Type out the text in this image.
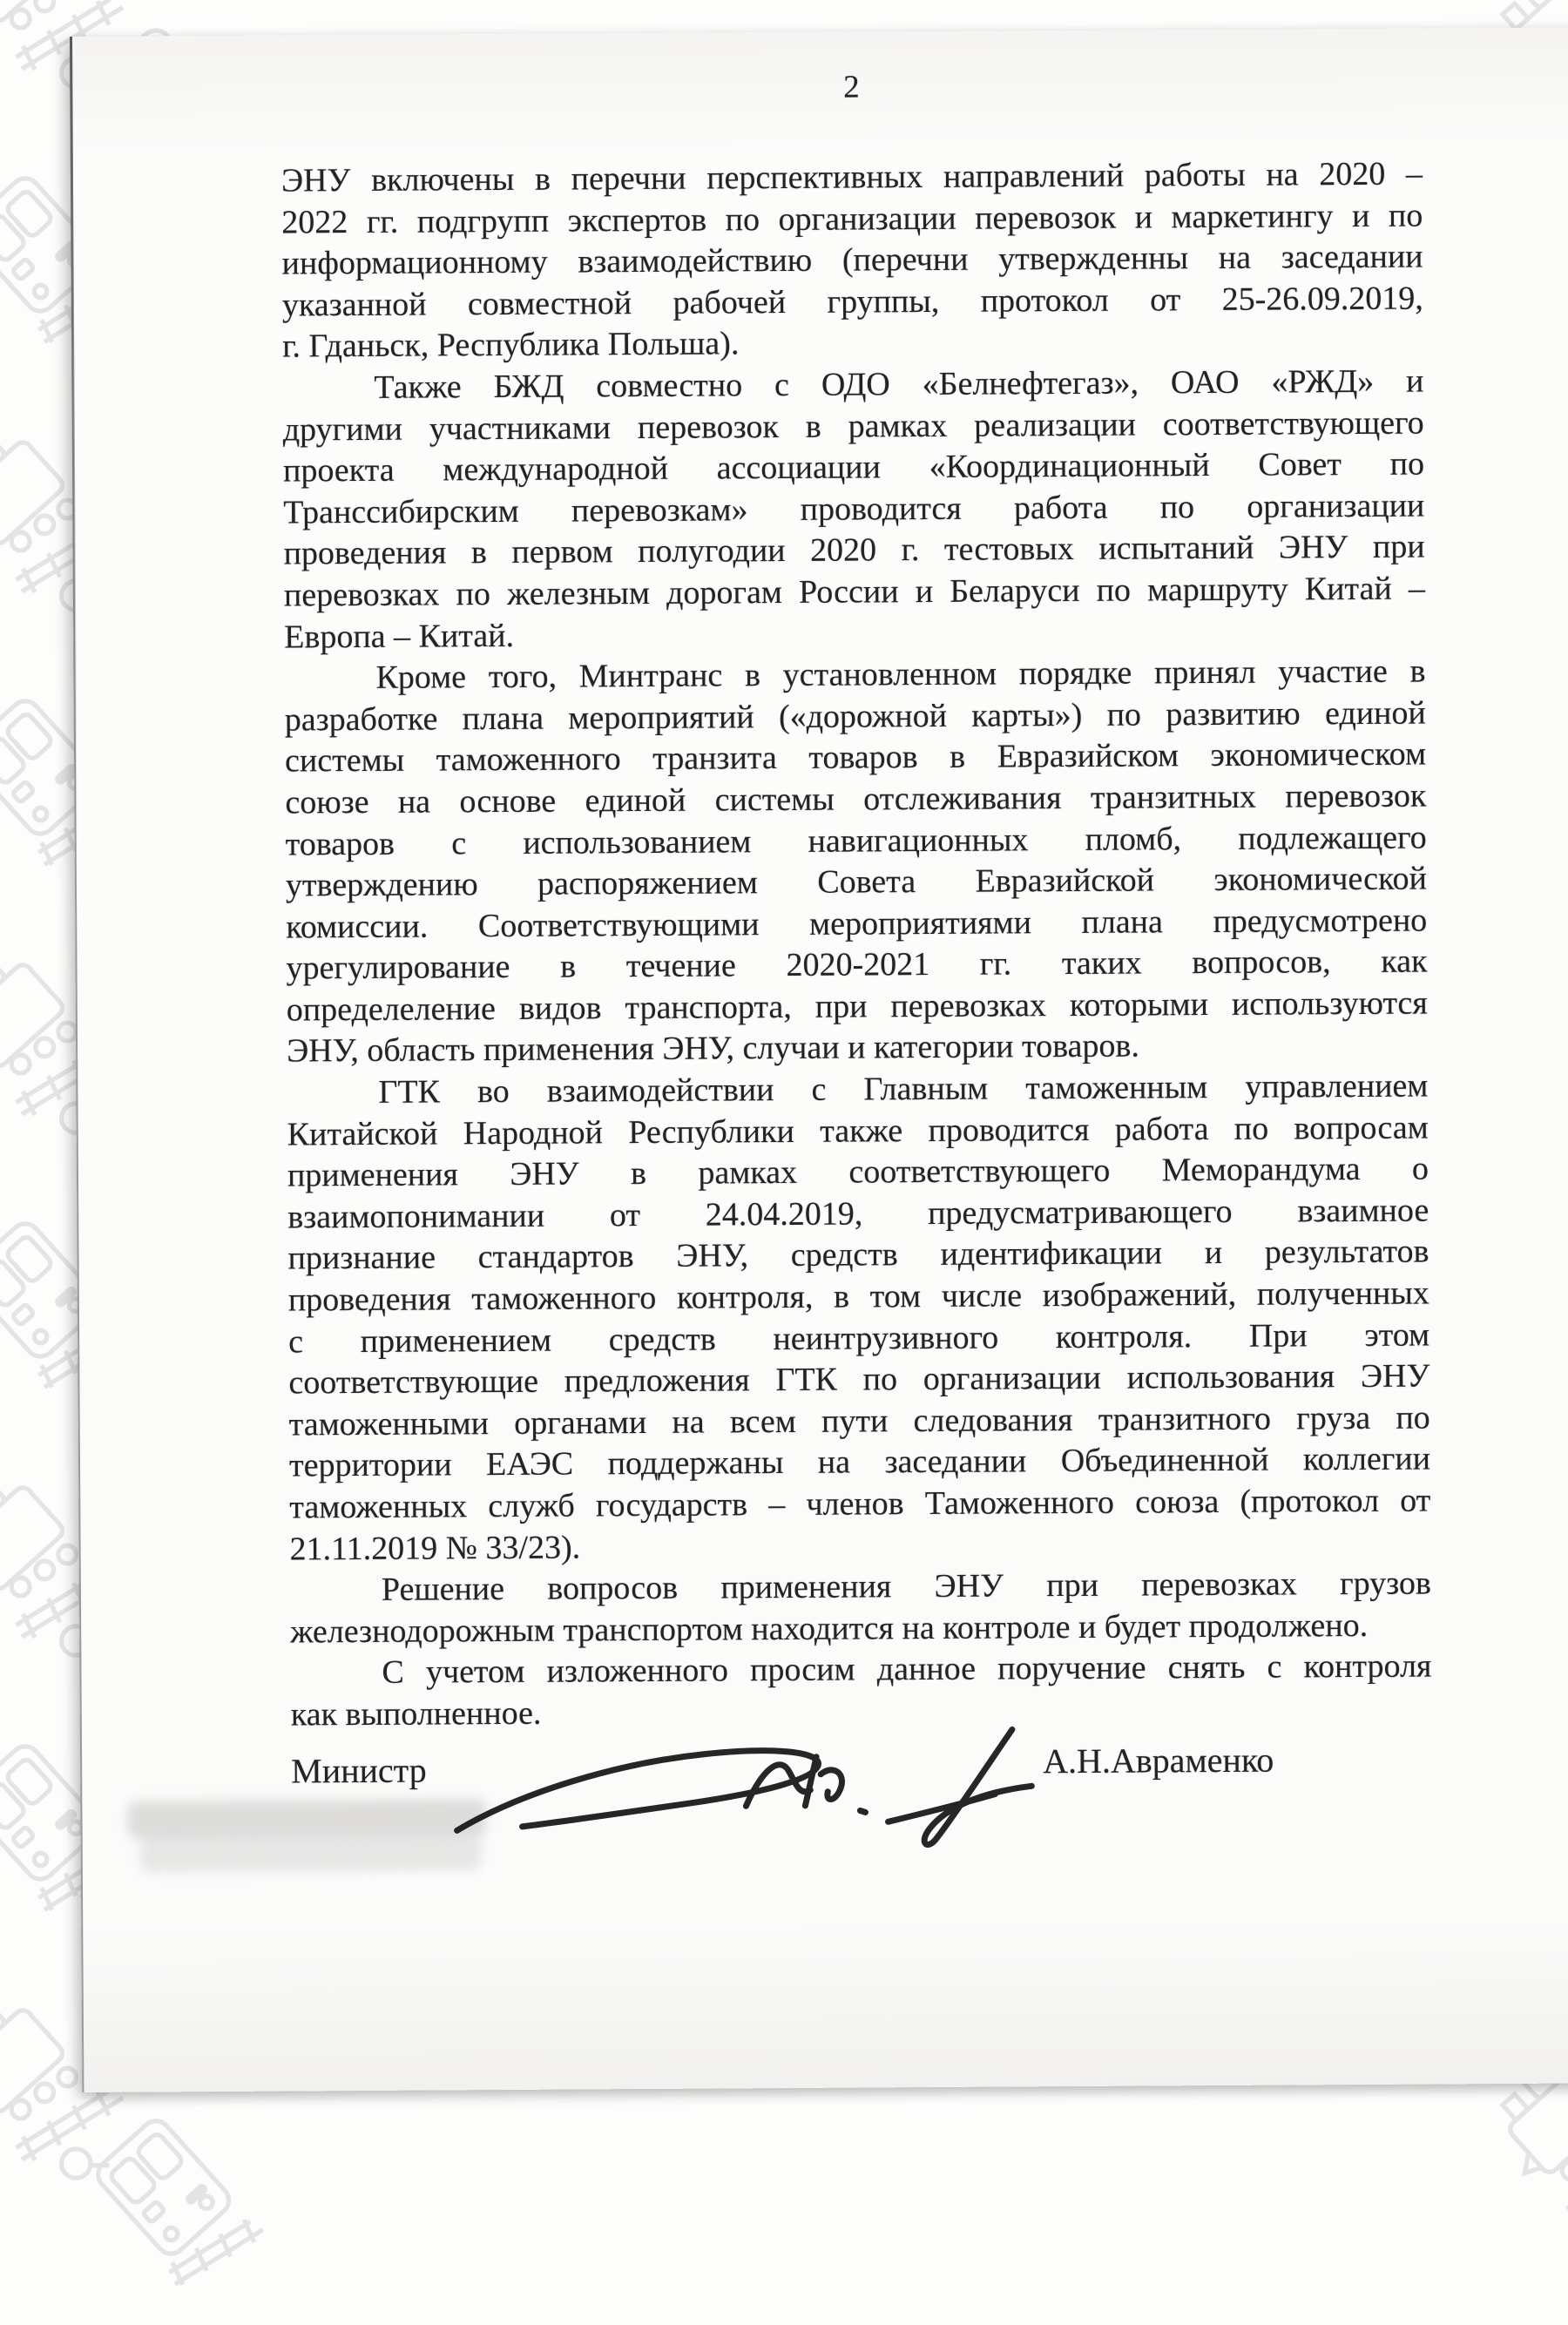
2
ЭНУ включены в перечни перспективных направлений работы на 2020 –
2022 гг. подгрупп экспертов по организации перевозок и маркетингу и по
информационному взаимодействию (перечни утвержденны на заседании
указанной совместной рабочей группы, протокол от 25-26.09.2019,
г. Гданьск, Республика Польша).
Также БЖД совместно с ОДО «Белнефтегаз», ОАО «РЖД» и
другими участниками перевозок в рамках реализации соответствующего
проекта международной ассоциации «Координационный Совет по
Транссибирским перевозкам» проводится работа по организации
проведения в первом полугодии 2020 г. тестовых испытаний ЭНУ при
перевозках по железным дорогам России и Беларуси по маршруту Китай –
Европа – Китай.
Кроме того, Минтранс в установленном порядке принял участие в
разработке плана мероприятий («дорожной карты») по развитию единой
системы таможенного транзита товаров в Евразийском экономическом
союзе на основе единой системы отслеживания транзитных перевозок
товаров с использованием навигационных пломб, подлежащего
утверждению распоряжением Совета Евразийской экономической
комиссии. Соответствующими мероприятиями плана предусмотрено
урегулирование в течение 2020-2021 гг. таких вопросов, как
определеление видов транспорта, при перевозках которыми используются
ЭНУ, область применения ЭНУ, случаи и категории товаров.
ГТК во взаимодействии с Главным таможенным управлением
Китайской Народной Республики также проводится работа по вопросам
применения ЭНУ в рамках соответствующего Меморандума о
взаимопонимании от 24.04.2019, предусматривающего взаимное
признание стандартов ЭНУ, средств идентификации и результатов
проведения таможенного контроля, в том числе изображений, полученных
с применением средств неинтрузивного контроля. При этом
соответствующие предложения ГТК по организации использования ЭНУ
таможенными органами на всем пути следования транзитного груза по
территории ЕАЭС поддержаны на заседании Объединенной коллегии
таможенных служб государств – членов Таможенного союза (протокол от
21.11.2019 № 33/23).
Решение вопросов применения ЭНУ при перевозках грузов
железнодорожным транспортом находится на контроле и будет продолжено.
С учетом изложенного просим данное поручение снять с контроля
как выполненное.
Министр	А.Н.Авраменко
